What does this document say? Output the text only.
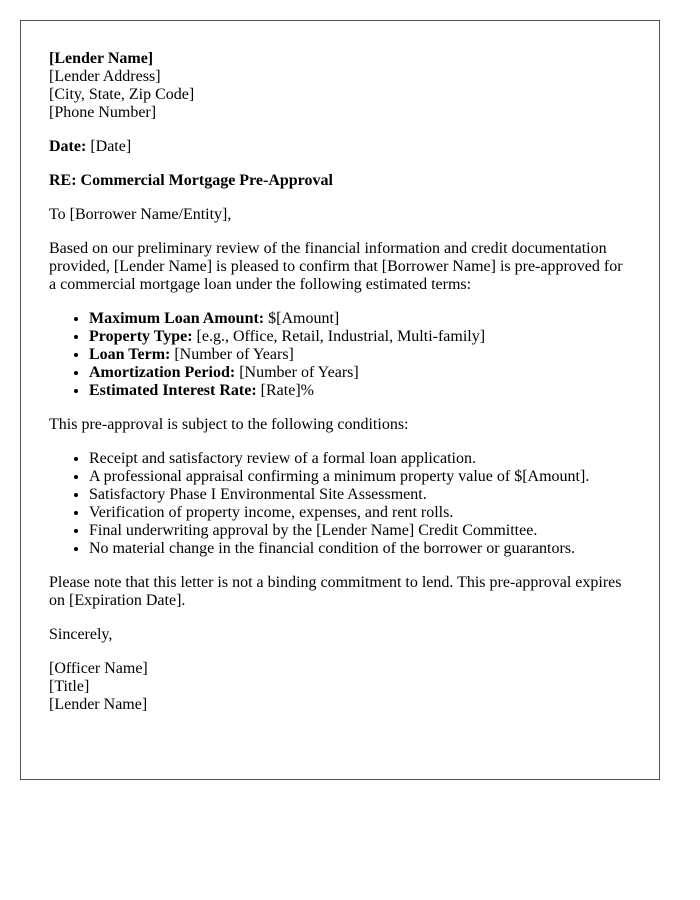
[Lender Name]
[Lender Address]
[City, State, Zip Code]
[Phone Number]

Date: [Date]

RE: Commercial Mortgage Pre-Approval

To [Borrower Name/Entity],

Based on our preliminary review of the financial information and credit documentation provided, [Lender Name] is pleased to confirm that [Borrower Name] is pre-approved for a commercial mortgage loan under the following estimated terms:

• Maximum Loan Amount: $[Amount]
• Property Type: [e.g., Office, Retail, Industrial, Multi-family]
• Loan Term: [Number of Years]
• Amortization Period: [Number of Years]
• Estimated Interest Rate: [Rate]%

This pre-approval is subject to the following conditions:

• Receipt and satisfactory review of a formal loan application.
• A professional appraisal confirming a minimum property value of $[Amount].
• Satisfactory Phase I Environmental Site Assessment.
• Verification of property income, expenses, and rent rolls.
• Final underwriting approval by the [Lender Name] Credit Committee.
• No material change in the financial condition of the borrower or guarantors.

Please note that this letter is not a binding commitment to lend. This pre-approval expires on [Expiration Date].

Sincerely,

[Officer Name]
[Title]
[Lender Name]
